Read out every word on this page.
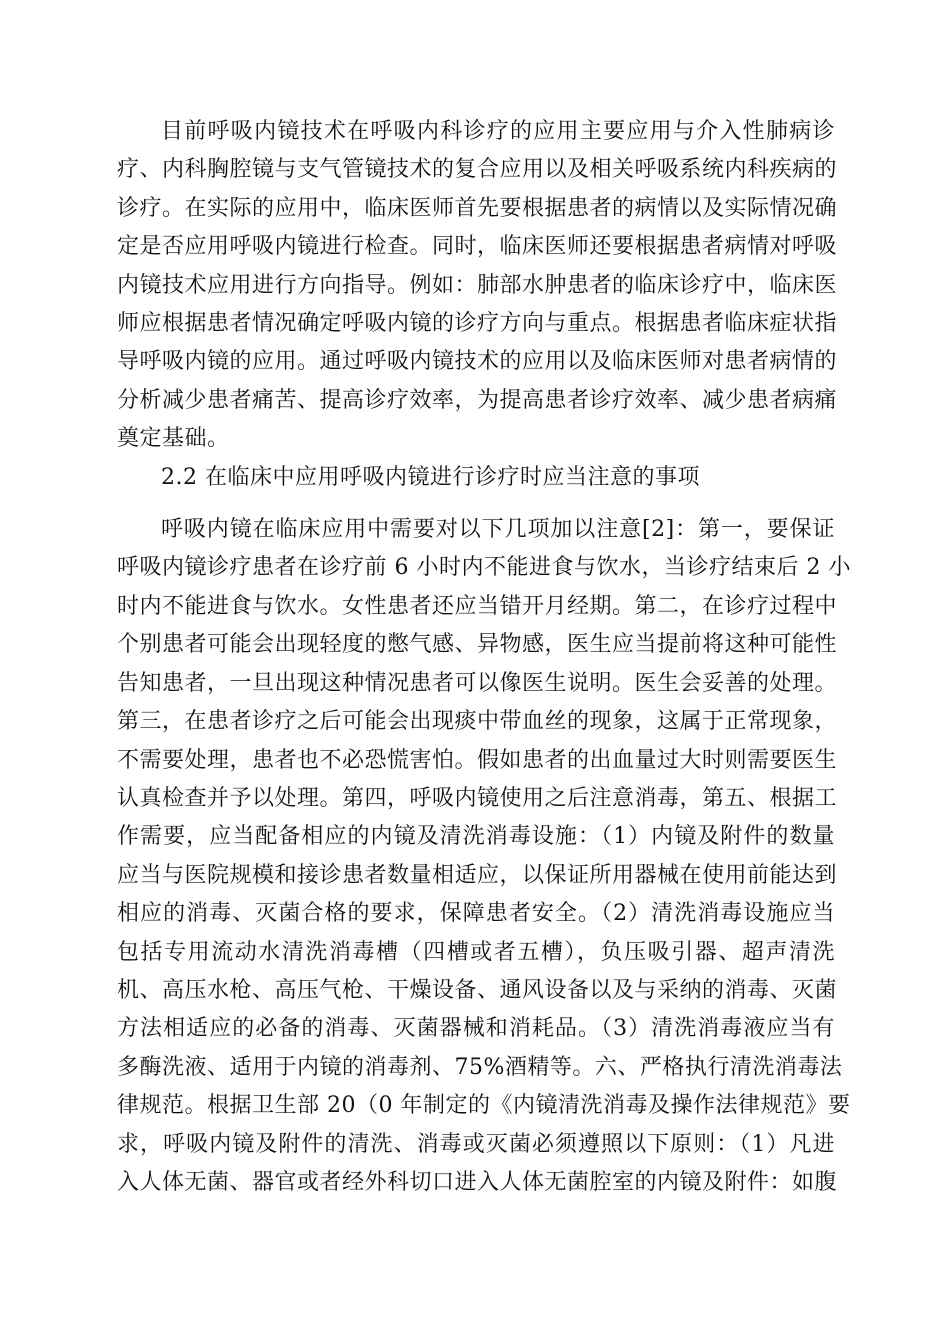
目前呼吸内镜技术在呼吸内科诊疗的应用主要应用与介入性肺病诊
疗、内科胸腔镜与支气管镜技术的复合应用以及相关呼吸系统内科疾病的
诊疗。在实际的应用中，临床医师首先要根据患者的病情以及实际情况确
定是否应用呼吸内镜进行检查。同时，临床医师还要根据患者病情对呼吸
内镜技术应用进行方向指导。例如：肺部水肿患者的临床诊疗中，临床医
师应根据患者情况确定呼吸内镜的诊疗方向与重点。根据患者临床症状指
导呼吸内镜的应用。通过呼吸内镜技术的应用以及临床医师对患者病情的
分析减少患者痛苦、提高诊疗效率，为提高患者诊疗效率、减少患者病痛
奠定基础。

2.2 在临床中应用呼吸内镜进行诊疗时应当注意的事项

呼吸内镜在临床应用中需要对以下几项加以注意[2]：第一，要保证
呼吸内镜诊疗患者在诊疗前 6 小时内不能进食与饮水，当诊疗结束后 2 小
时内不能进食与饮水。女性患者还应当错开月经期。第二，在诊疗过程中
个别患者可能会出现轻度的憋气感、异物感，医生应当提前将这种可能性
告知患者，一旦出现这种情况患者可以像医生说明。医生会妥善的处理。
第三，在患者诊疗之后可能会出现痰中带血丝的现象，这属于正常现象，
不需要处理，患者也不必恐慌害怕。假如患者的出血量过大时则需要医生
认真检查并予以处理。第四，呼吸内镜使用之后注意消毒，第五、根据工
作需要，应当配备相应的内镜及清洗消毒设施：（1）内镜及附件的数量
应当与医院规模和接诊患者数量相适应，以保证所用器械在使用前能达到
相应的消毒、灭菌合格的要求，保障患者安全。（2）清洗消毒设施应当
包括专用流动水清洗消毒槽（四槽或者五槽），负压吸引器、超声清洗
机、高压水枪、高压气枪、干燥设备、通风设备以及与采纳的消毒、灭菌
方法相适应的必备的消毒、灭菌器械和消耗品。（3）清洗消毒液应当有
多酶洗液、适用于内镜的消毒剂、75%酒精等。六、严格执行清洗消毒法
律规范。根据卫生部 20（0 年制定的《内镜清洗消毒及操作法律规范》要
求，呼吸内镜及附件的清洗、消毒或灭菌必须遵照以下原则：（1）凡进
入人体无菌、器官或者经外科切口进入人体无菌腔室的内镜及附件：如腹
